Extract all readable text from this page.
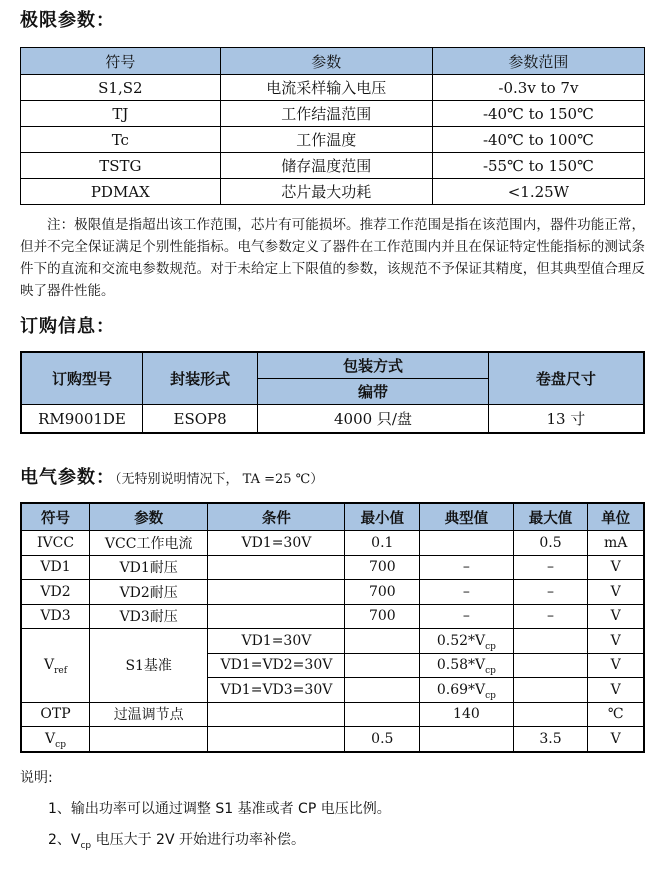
极限参数：
符号	参数	参数范围
S1,S2	电流采样输入电压	-0.3v to 7v
TJ	工作结温范围	-40℃ to 150℃
Tc	工作温度	-40℃ to 100℃
TSTG	储存温度范围	-55℃ to 150℃
PDMAX	芯片最大功耗	<1.25W

注：极限值是指超出该工作范围，芯片有可能损坏。推荐工作范围是指在该范围内，器件功能正常，但并不完全保证满足个别性能指标。电气参数定义了器件在工作范围内并且在保证特定性能指标的测试条件下的直流和交流电参数规范。对于未给定上下限值的参数，该规范不予保证其精度，但其典型值合理反映了器件性能。

订购信息：
订购型号	封装形式	包装方式	卷盘尺寸
		编带	
RM9001DE	ESOP8	4000 只/盘	13 寸
电气参数：（无特别说明情况下， TA =25 ℃）
符号	参数	条件	最小值	典型值	最大值	单位
IVCC	VCC工作电流	VD1=30V	0.1		0.5	mA
VD1	VD1耐压		700	–	–	V
VD2	VD2耐压		700	–	–	V
VD3	VD3耐压		700	–	–	V
$V_{ref}$	S1基准	VD1=30V		$0.52*V_{cp}$		V
		VD1=VD2=30V		$0.58*V_{cp}$		V
		VD1=VD3=30V		$0.69*V_{cp}$		V
OTP	过温调节点			140		℃
$V_{cp}$			0.5		3.5	V

说明:

1、输出功率可以通过调整 S1 基准或者 CP 电压比例。

2、$V_{cp}$ 电压大于 2V 开始进行功率补偿。
